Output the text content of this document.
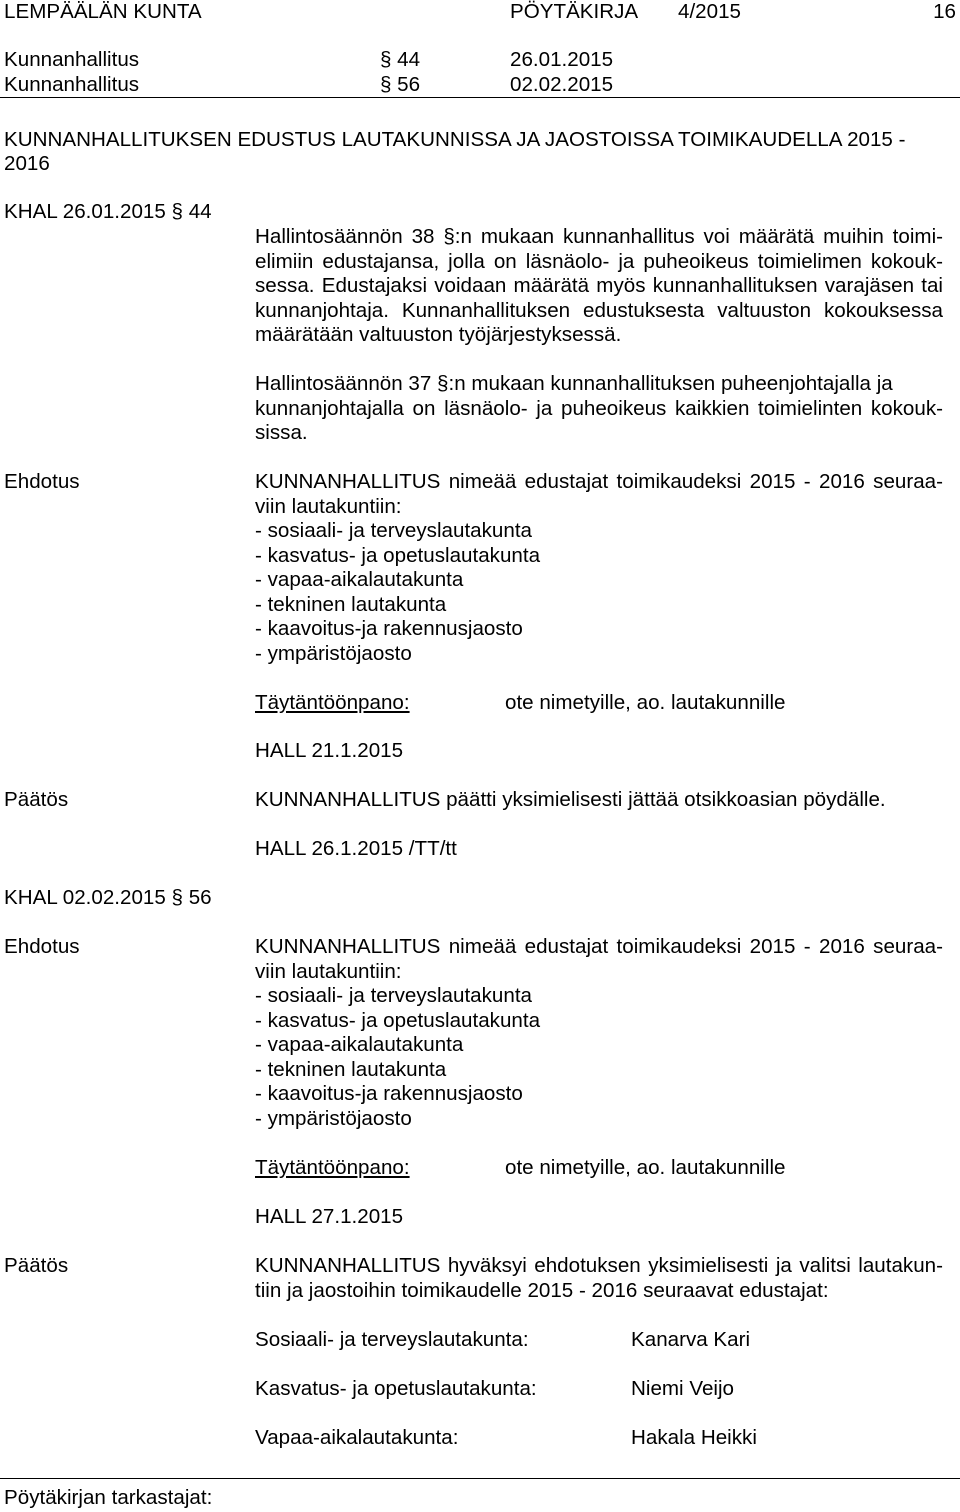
LEMPÄÄLÄN KUNTA	PÖYTÄKIRJA 4/2015	16
Kunnanhallitus	§ 44	26.01.2015
Kunnanhallitus	§ 56	02.02.2015
KUNNANHALLITUKSEN EDUSTUS LAUTAKUNNISSA JA JAOSTOISSA TOIMIKAUDELLA 2015 -
2016
KHAL 26.01.2015 § 44
Hallintosäännön 38 §:n mukaan kunnanhallitus voi määrätä muihin toimi-
elimiin edustajansa, jolla on läsnäolo- ja puheoikeus toimielimen kokouk-
sessa. Edustajaksi voidaan määrätä myös kunnanhallituksen varajäsen tai
kunnanjohtaja. Kunnanhallituksen edustuksesta valtuuston kokouksessa
määrätään valtuuston työjärjestyksessä.
Hallintosäännön 37 §:n mukaan kunnanhallituksen puheenjohtajalla ja
kunnanjohtajalla on läsnäolo- ja puheoikeus kaikkien toimielinten kokouk-
sissa.
Ehdotus	KUNNANHALLITUS nimeää edustajat toimikaudeksi 2015 - 2016 seuraa-
viin lautakuntiin:
- sosiaali- ja terveyslautakunta
- kasvatus- ja opetuslautakunta
- vapaa-aikalautakunta
- tekninen lautakunta
- kaavoitus-ja rakennusjaosto
- ympäristöjaosto
Täytäntöönpano:	ote nimetyille, ao. lautakunnille
HALL 21.1.2015
Päätös	KUNNANHALLITUS päätti yksimielisesti jättää otsikkoasian pöydälle.
HALL 26.1.2015 /TT/tt
KHAL 02.02.2015 § 56
Ehdotus	KUNNANHALLITUS nimeää edustajat toimikaudeksi 2015 - 2016 seuraa-
viin lautakuntiin:
- sosiaali- ja terveyslautakunta
- kasvatus- ja opetuslautakunta
- vapaa-aikalautakunta
- tekninen lautakunta
- kaavoitus-ja rakennusjaosto
- ympäristöjaosto
Täytäntöönpano:	ote nimetyille, ao. lautakunnille
HALL 27.1.2015
Päätös	KUNNANHALLITUS hyväksyi ehdotuksen yksimielisesti ja valitsi lautakun-
tiin ja jaostoihin toimikaudelle 2015 - 2016 seuraavat edustajat:
Sosiaali- ja terveyslautakunta:	Kanarva Kari
Kasvatus- ja opetuslautakunta:	Niemi Veijo
Vapaa-aikalautakunta:	Hakala Heikki
Pöytäkirjan tarkastajat:
